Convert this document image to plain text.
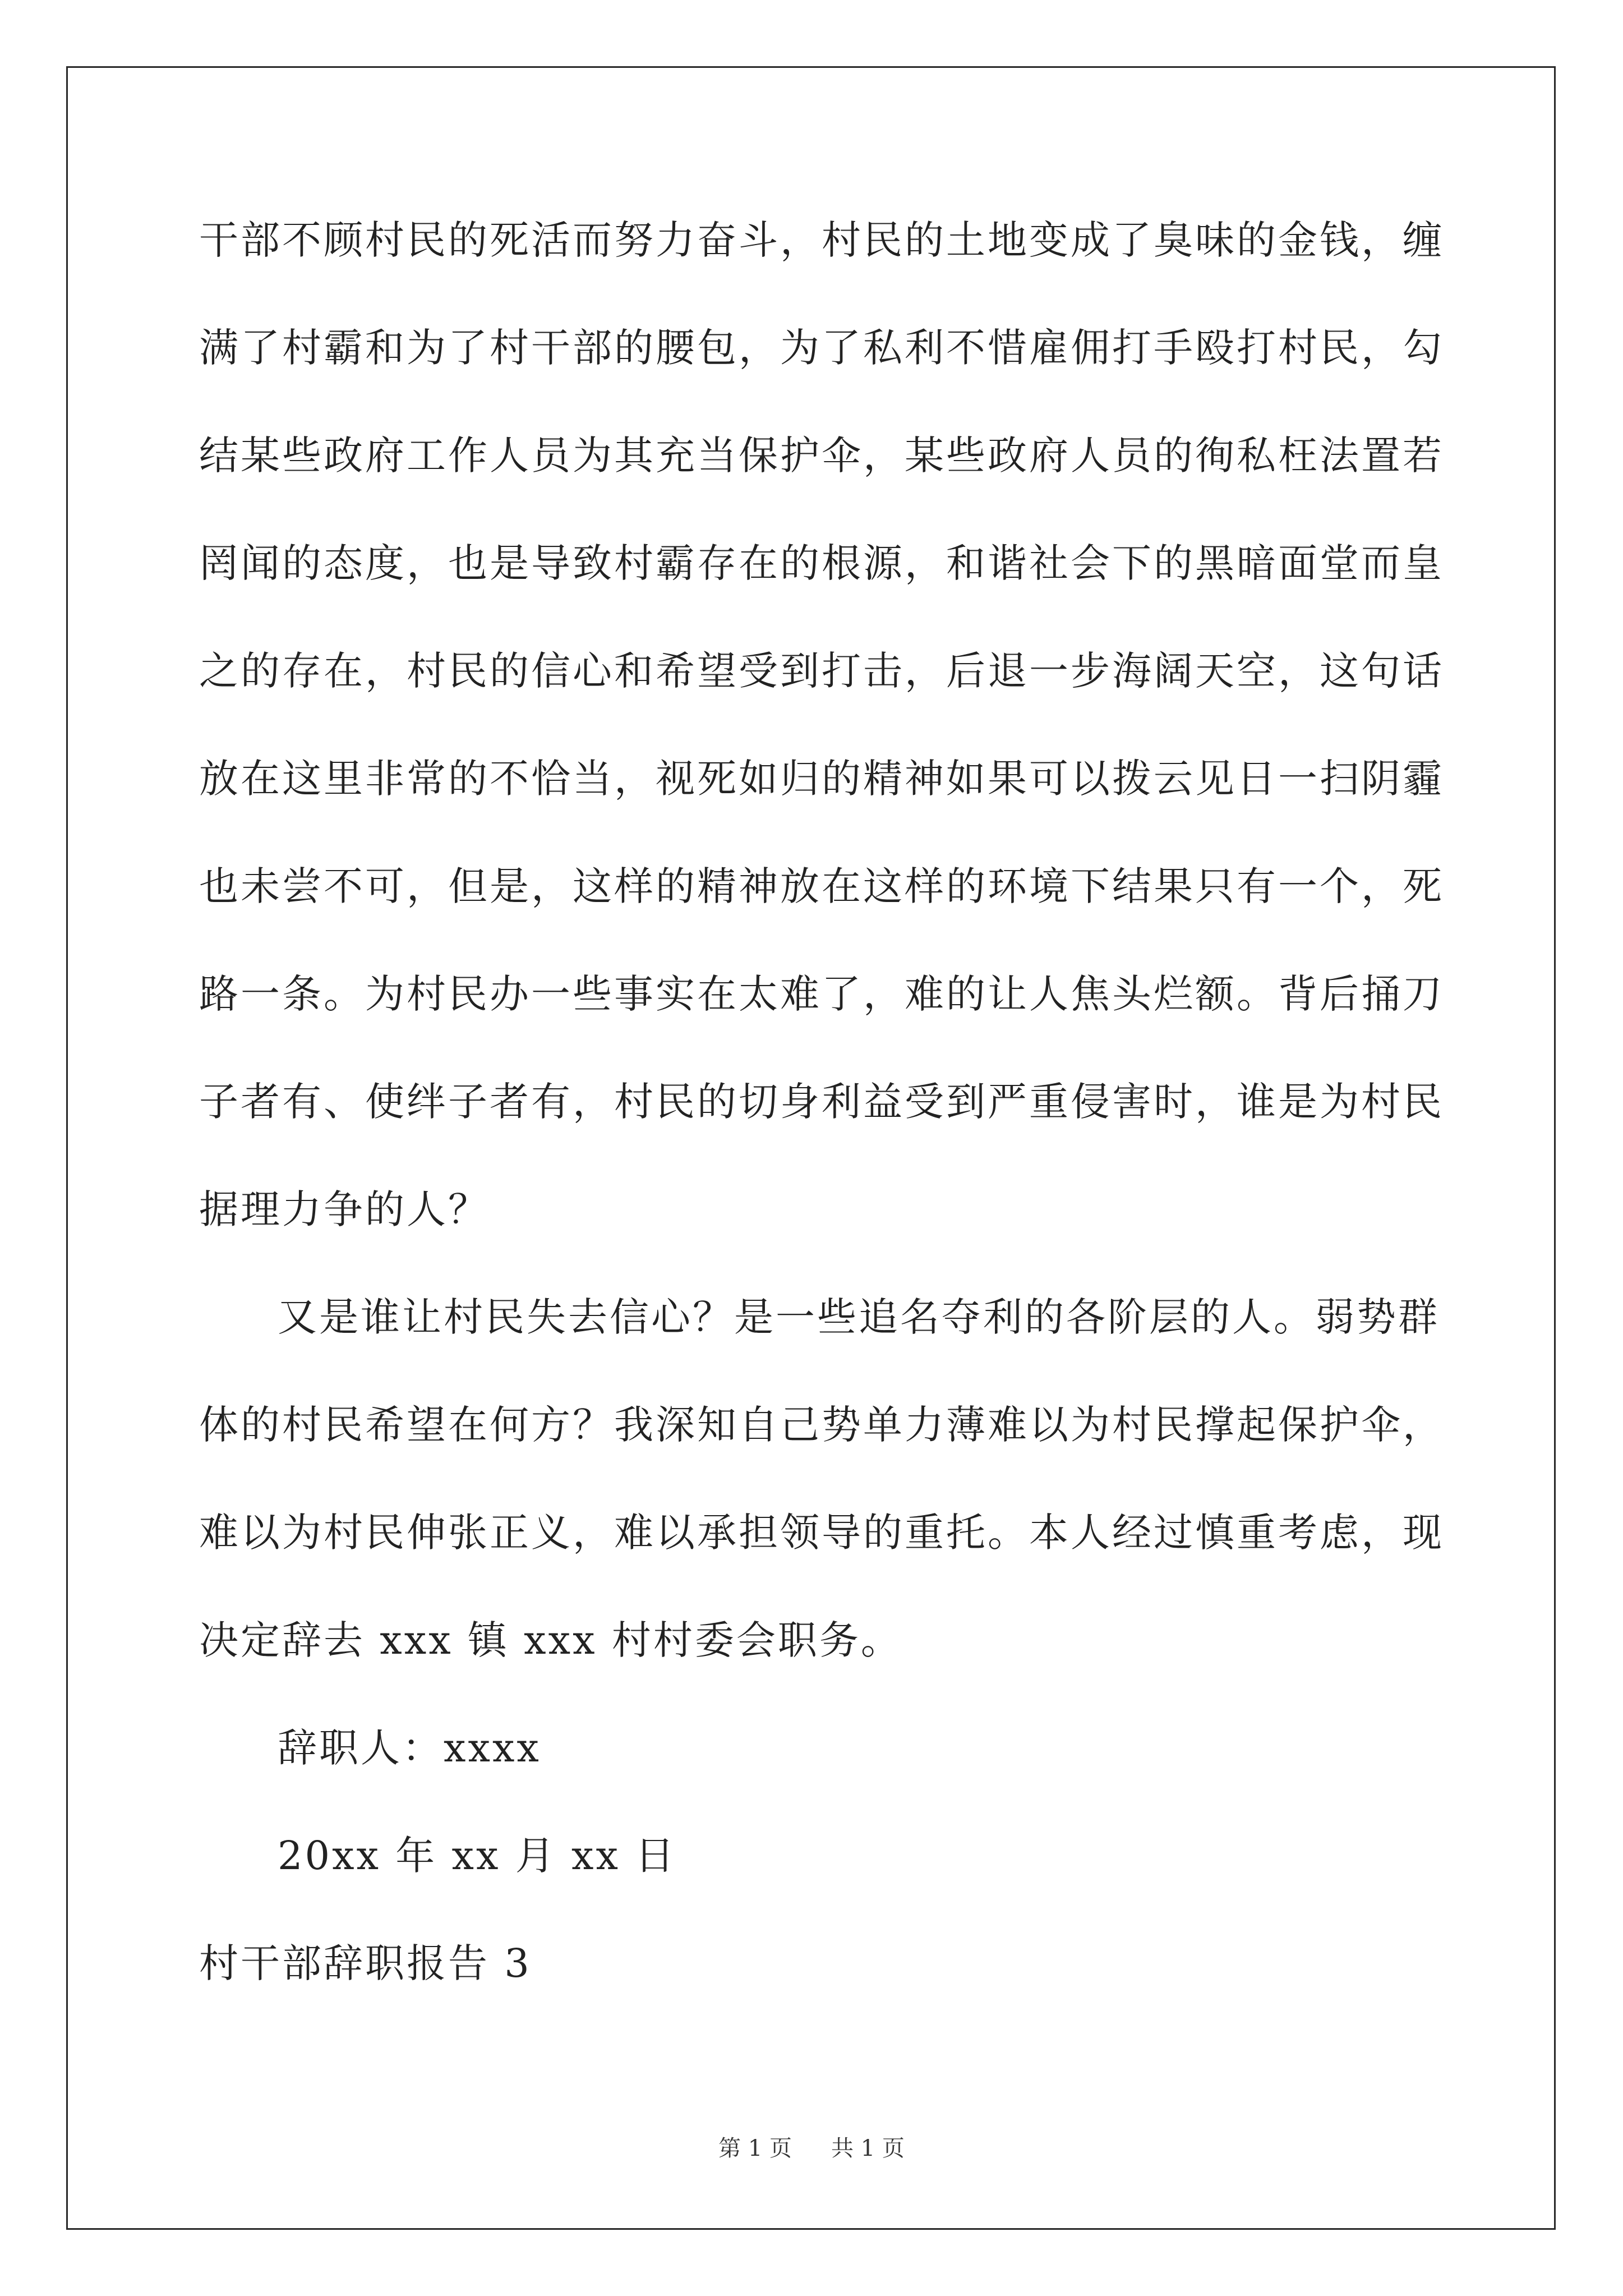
干部不顾村民的死活而努力奋斗，村民的土地变成了臭味的金钱，缠
满了村霸和为了村干部的腰包，为了私利不惜雇佣打手殴打村民，勾
结某些政府工作人员为其充当保护伞，某些政府人员的徇私枉法置若
罔闻的态度，也是导致村霸存在的根源，和谐社会下的黑暗面堂而皇
之的存在，村民的信心和希望受到打击，后退一步海阔天空，这句话
放在这里非常的不恰当，视死如归的精神如果可以拨云见日一扫阴霾
也未尝不可，但是，这样的精神放在这样的环境下结果只有一个，死
路一条。为村民办一些事实在太难了，难的让人焦头烂额。背后捅刀
子者有、使绊子者有，村民的切身利益受到严重侵害时，谁是为村民
据理力争的人？
又是谁让村民失去信心？是一些追名夺利的各阶层的人。弱势群
体的村民希望在何方？我深知自己势单力薄难以为村民撑起保护伞，
难以为村民伸张正义，难以承担领导的重托。本人经过慎重考虑，现
决定辞去 xxx 镇 xxx 村村委会职务。
辞职人：xxxx
20xx 年 xx 月 xx 日
村干部辞职报告 3
第 1 页 共 1 页
